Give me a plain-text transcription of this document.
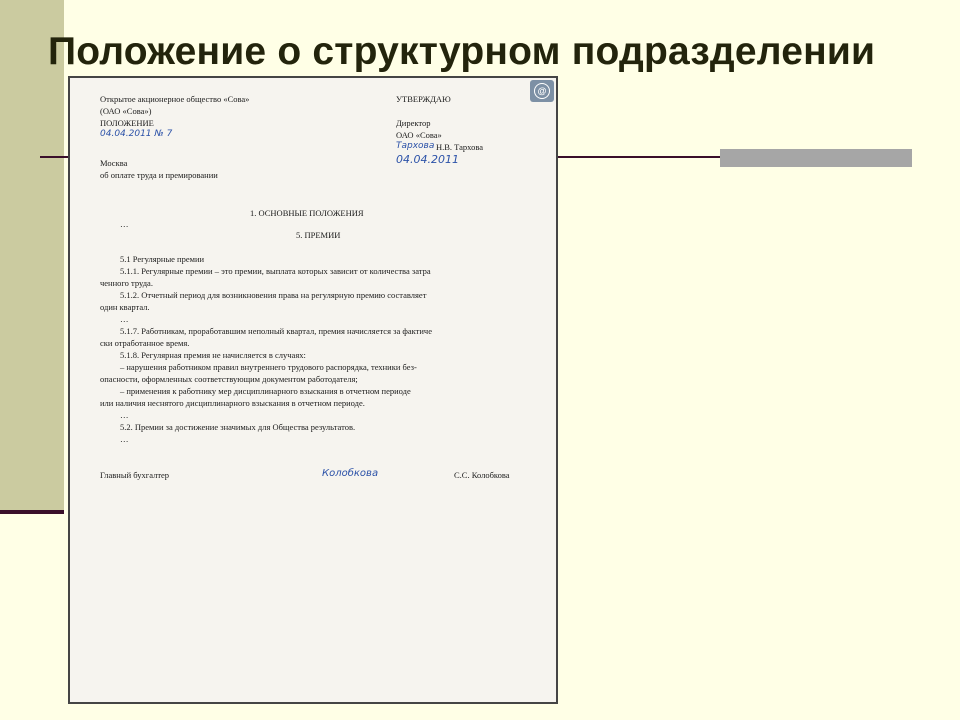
Положение о структурном подразделении
@
Открытое акционерное общество «Сова»
(ОАО «Сова»)
ПОЛОЖЕНИЕ
04.04.2011 № 7
УТВЕРЖДАЮ
Директор
ОАО «Сова»
Тархова Н.В. Тархова
04.04.2011
Москва
об оплате труда и премировании
1. ОСНОВНЫЕ ПОЛОЖЕНИЯ
…
5. ПРЕМИИ
5.1 Регулярные премии
5.1.1. Регулярные премии – это премии, выплата которых зависит от количества затра
ченного труда.
5.1.2. Отчетный период для возникновения права на регулярную премию составляет
один квартал.
…
5.1.7. Работникам, проработавшим неполный квартал, премия начисляется за фактиче
ски отработанное время.
5.1.8. Регулярная премия не начисляется в случаях:
– нарушения работником правил внутреннего трудового распорядка, техники без-
опасности, оформленных соответствующим документом работодателя;
– применения к работнику мер дисциплинарного взыскания в отчетном периоде
или наличия неснятого дисциплинарного взыскания в отчетном периоде.
…
5.2. Премии за достижение значимых для Общества результатов.
…
Главный бухгалтер	Колобкова	С.С. Колобкова
